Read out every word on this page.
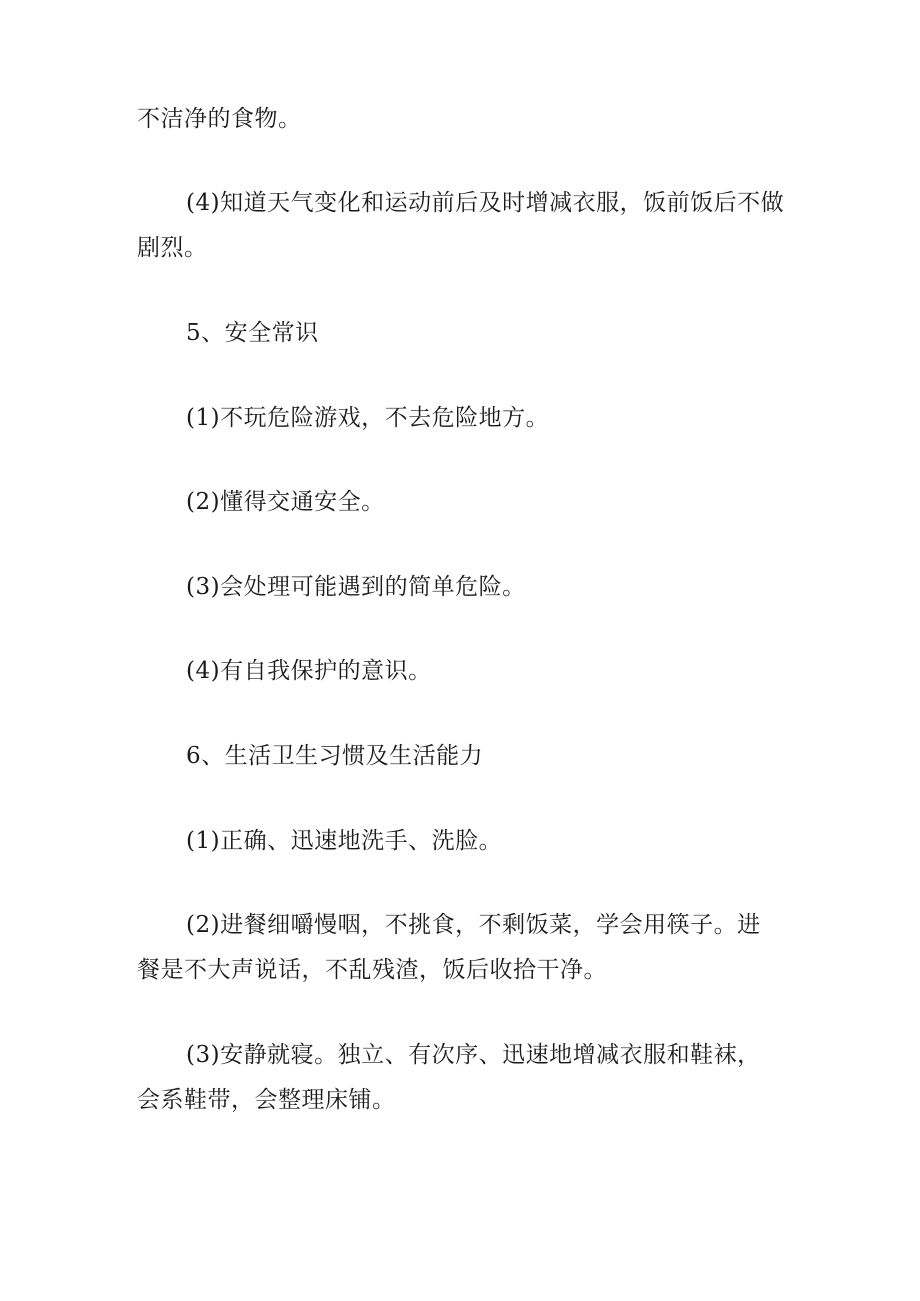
不洁净的食物。

(4)知道天气变化和运动前后及时增减衣服，饭前饭后不做

剧烈。

5、安全常识

(1)不玩危险游戏，不去危险地方。

(2)懂得交通安全。

(3)会处理可能遇到的简单危险。

(4)有自我保护的意识。

6、生活卫生习惯及生活能力

(1)正确、迅速地洗手、洗脸。

(2)进餐细嚼慢咽，不挑食，不剩饭菜，学会用筷子。进

餐是不大声说话，不乱残渣，饭后收拾干净。

(3)安静就寝。独立、有次序、迅速地增减衣服和鞋袜，

会系鞋带，会整理床铺。
